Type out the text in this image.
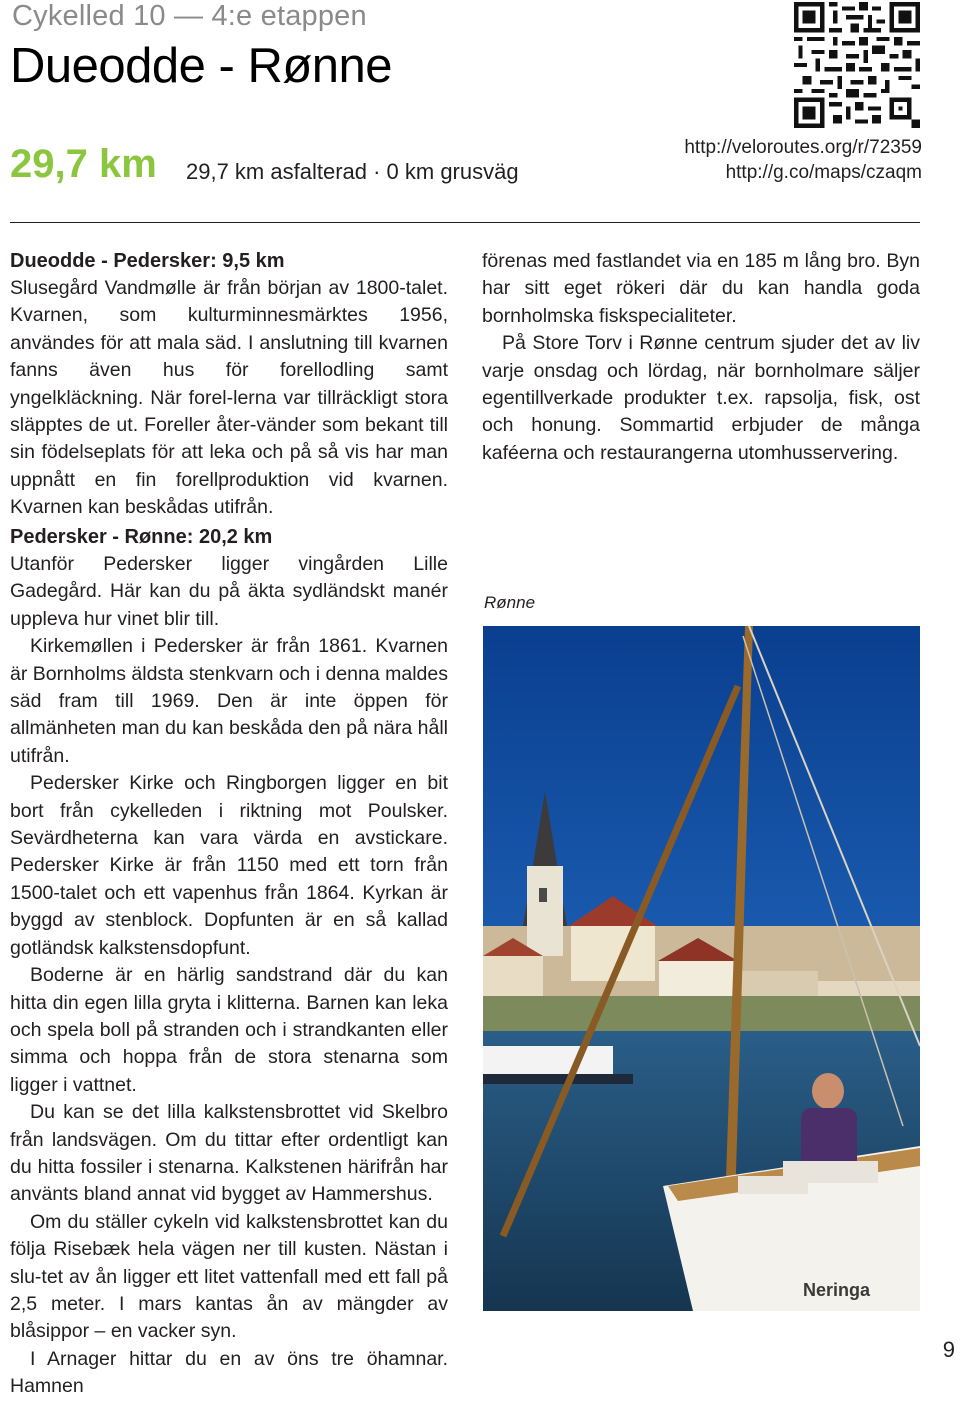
Cykelled 10 — 4:e etappen
Dueodde - Rønne
29,7 km 29,7 km asfalterad · 0 km grusväg
http://veloroutes.org/r/72359
http://g.co/maps/czaqm
Dueodde - Pedersker: 9,5 km

Slusegård Vandmølle är från början av 1800-talet. Kvarnen, som kulturminnesmärktes 1956, användes för att mala säd. I anslutning till kvarnen fanns även hus för forellodling samt yngelkläckning. När forel-lerna var tillräckligt stora släpptes de ut. Foreller åter-vänder som bekant till sin födelseplats för att leka och på så vis har man uppnått en fin forellproduktion vid kvarnen. Kvarnen kan beskådas utifrån.

Pedersker - Rønne: 20,2 km

Utanför Pedersker ligger vingården Lille Gadegård. Här kan du på äkta sydländskt manér uppleva hur vinet blir till.

Kirkemøllen i Pedersker är från 1861. Kvarnen är Bornholms äldsta stenkvarn och i denna maldes säd fram till 1969. Den är inte öppen för allmänheten man du kan beskåda den på nära håll utifrån.

Pedersker Kirke och Ringborgen ligger en bit bort från cykelleden i riktning mot Poulsker. Sevärdheterna kan vara värda en avstickare. Pedersker Kirke är från 1150 med ett torn från 1500-talet och ett vapenhus från 1864. Kyrkan är byggd av stenblock. Dopfunten är en så kallad gotländsk kalkstensdopfunt.

Boderne är en härlig sandstrand där du kan hitta din egen lilla gryta i klitterna. Barnen kan leka och spela boll på stranden och i strandkanten eller simma och hoppa från de stora stenarna som ligger i vattnet.

Du kan se det lilla kalkstensbrottet vid Skelbro från landsvägen. Om du tittar efter ordentligt kan du hitta fossiler i stenarna. Kalkstenen härifrån har använts bland annat vid bygget av Hammershus.

Om du ställer cykeln vid kalkstensbrottet kan du följa Risebæk hela vägen ner till kusten. Nästan i slu-tet av ån ligger ett litet vattenfall med ett fall på 2,5 meter. I mars kantas ån av mängder av blåsippor – en vacker syn.

I Arnager hittar du en av öns tre öhamnar. Hamnen

förenas med fastlandet via en 185 m lång bro. Byn har sitt eget rökeri där du kan handla goda bornholmska fiskspecialiteter.

På Store Torv i Rønne centrum sjuder det av liv varje onsdag och lördag, när bornholmare säljer egentillverkade produkter t.ex. rapsolja, fisk, ost och honung. Sommartid erbjuder de många kaféerna och restaurangerna utomhusservering.

Rønne
Neringa
9
